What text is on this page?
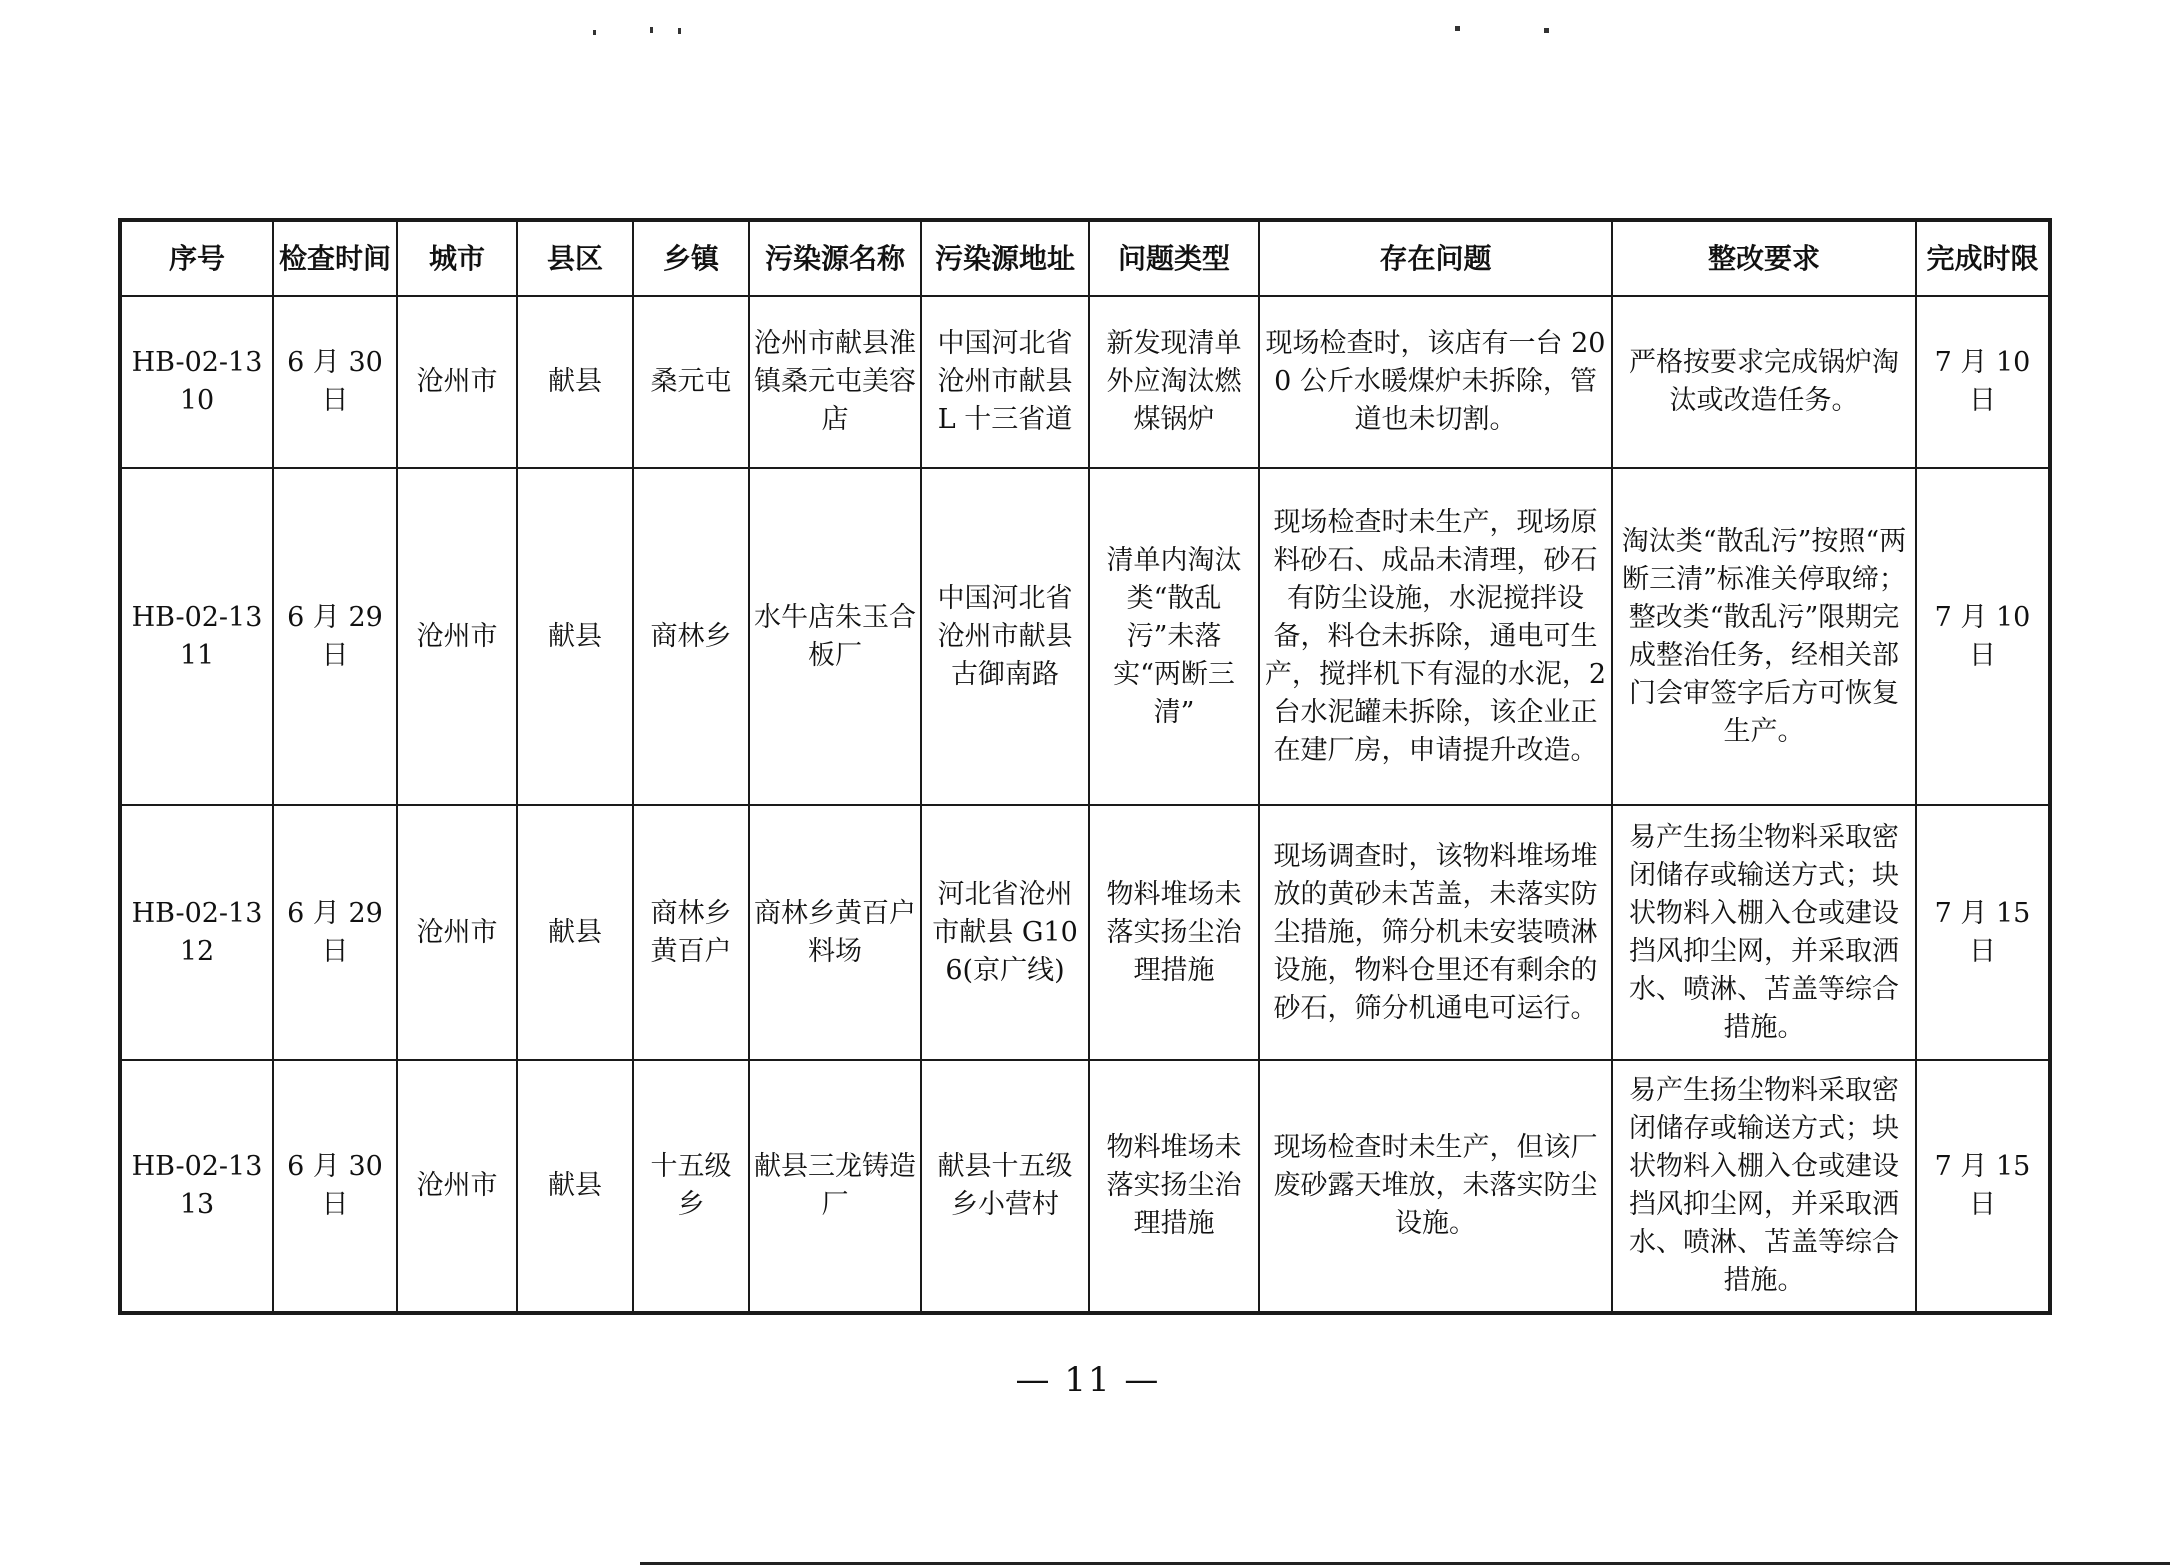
序号	检查时间	城市	县区	乡镇	污染源名称	污染源地址	问题类型	存在问题	整改要求	完成时限
HB-02-1310	6 月 30 日	沧州市	献县	桑元屯	沧州市献县淮镇桑元屯美容店	中国河北省沧州市献县 L 十三省道	新发现清单外应淘汰燃煤锅炉	现场检查时，该店有一台 200 公斤水暖煤炉未拆除，管道也未切割。	严格按要求完成锅炉淘汰或改造任务。	7 月 10 日
HB-02-1311	6 月 29 日	沧州市	献县	商林乡	水牛店朱玉合板厂	中国河北省沧州市献县古御南路	清单内淘汰类“散乱污”未落实“两断三清”	现场检查时未生产，现场原料砂石、成品未清理，砂石有防尘设施，水泥搅拌设备，料仓未拆除，通电可生产，搅拌机下有湿的水泥，2 台水泥罐未拆除，该企业正在建厂房，申请提升改造。	淘汰类“散乱污”按照“两断三清”标准关停取缔；整改类“散乱污”限期完成整治任务，经相关部门会审签字后方可恢复生产。	7 月 10 日
HB-02-1312	6 月 29 日	沧州市	献县	商林乡黄百户	商林乡黄百户料场	河北省沧州市献县 G106(京广线)	物料堆场未落实扬尘治理措施	现场调查时，该物料堆场堆放的黄砂未苫盖，未落实防尘措施，筛分机未安装喷淋设施，物料仓里还有剩余的砂石，筛分机通电可运行。	易产生扬尘物料采取密闭储存或输送方式；块状物料入棚入仓或建设挡风抑尘网，并采取洒水、喷淋、苫盖等综合措施。	7 月 15 日
HB-02-1313	6 月 30 日	沧州市	献县	十五级乡	献县三龙铸造厂	献县十五级乡小营村	物料堆场未落实扬尘治理措施	现场检查时未生产，但该厂废砂露天堆放，未落实防尘设施。	易产生扬尘物料采取密闭储存或输送方式；块状物料入棚入仓或建设挡风抑尘网，并采取洒水、喷淋、苫盖等综合措施。	7 月 15 日
— 11 —
